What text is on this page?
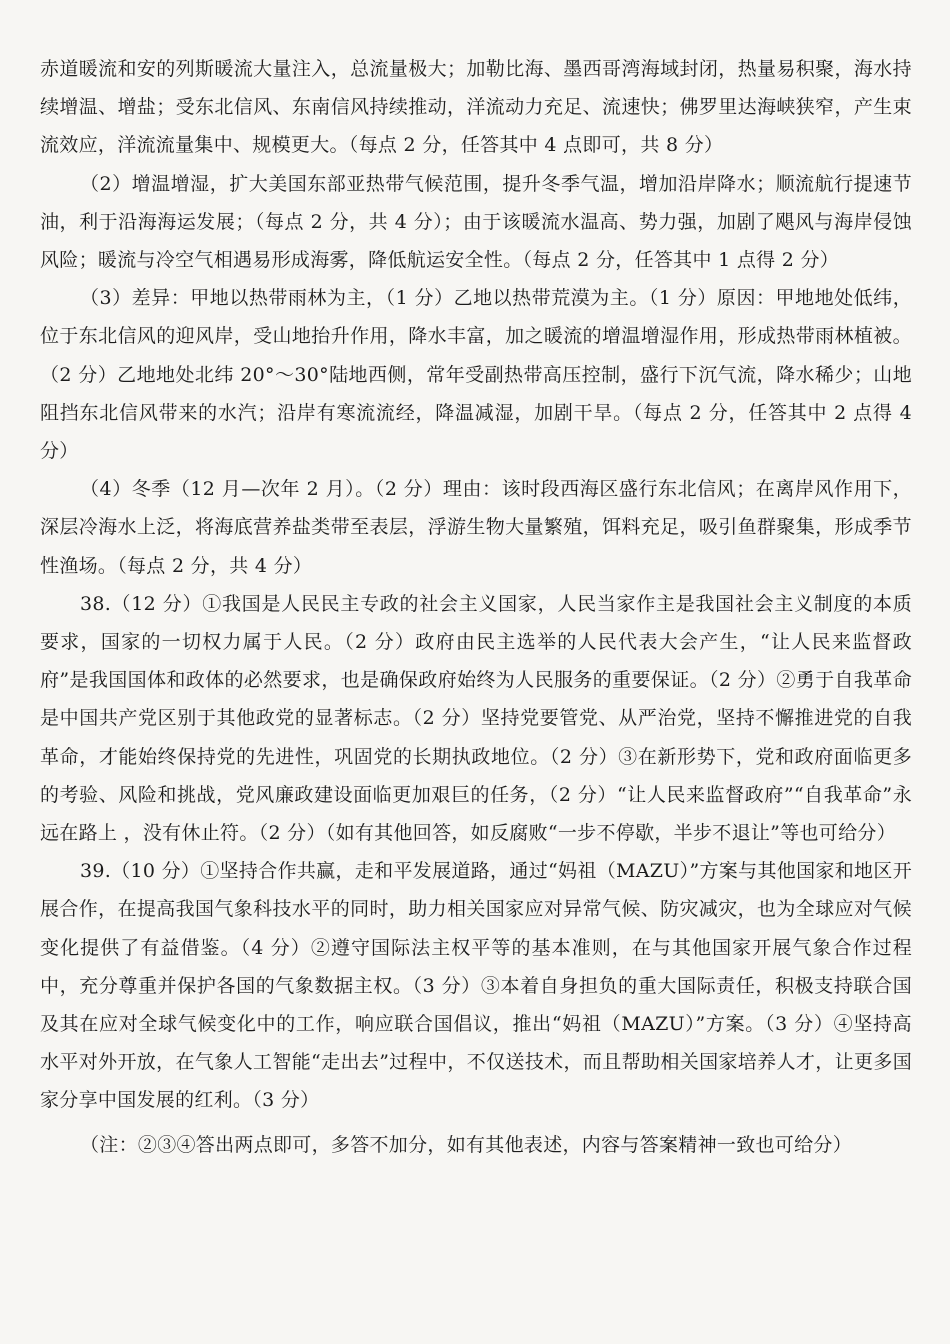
赤道暖流和安的列斯暖流大量注入，总流量极大；加勒比海、墨西哥湾海域封闭，热量易积聚，海水持续增温、增盐；受东北信风、东南信风持续推动，洋流动力充足、流速快；佛罗里达海峡狭窄，产生束流效应，洋流流量集中、规模更大。（每点 2 分，任答其中 4 点即可，共 8 分）

（2）增温增湿，扩大美国东部亚热带气候范围，提升冬季气温，增加沿岸降水；顺流航行提速节油，利于沿海海运发展；（每点 2 分，共 4 分）；由于该暖流水温高、势力强，加剧了飓风与海岸侵蚀风险；暖流与冷空气相遇易形成海雾，降低航运安全性。（每点 2 分，任答其中 1 点得 2 分）

（3）差异：甲地以热带雨林为主，（1 分）乙地以热带荒漠为主。（1 分）原因：甲地地处低纬，位于东北信风的迎风岸，受山地抬升作用，降水丰富，加之暖流的增温增湿作用，形成热带雨林植被。（2 分）乙地地处北纬 20°～30°陆地西侧，常年受副热带高压控制，盛行下沉气流，降水稀少；山地阻挡东北信风带来的水汽；沿岸有寒流流经，降温减湿，加剧干旱。（每点 2 分，任答其中 2 点得 4 分）

（4）冬季（12 月—次年 2 月）。（2 分）理由：该时段西海区盛行东北信风；在离岸风作用下，深层冷海水上泛，将海底营养盐类带至表层，浮游生物大量繁殖，饵料充足，吸引鱼群聚集，形成季节性渔场。（每点 2 分，共 4 分）

38.（12 分）①我国是人民民主专政的社会主义国家，人民当家作主是我国社会主义制度的本质要求，国家的一切权力属于人民。（2 分）政府由民主选举的人民代表大会产生，“让人民来监督政府”是我国国体和政体的必然要求，也是确保政府始终为人民服务的重要保证。（2 分）②勇于自我革命是中国共产党区别于其他政党的显著标志。（2 分）坚持党要管党、从严治党，坚持不懈推进党的自我革命，才能始终保持党的先进性，巩固党的长期执政地位。（2 分）③在新形势下，党和政府面临更多的考验、风险和挑战，党风廉政建设面临更加艰巨的任务，（2 分）“让人民来监督政府”“自我革命”永远在路上 ，没有休止符。（2 分）（如有其他回答，如反腐败“一步不停歇，半步不退让”等也可给分）

39.（10 分）①坚持合作共赢，走和平发展道路，通过“妈祖（MAZU）”方案与其他国家和地区开展合作，在提高我国气象科技水平的同时，助力相关国家应对异常气候、防灾减灾，也为全球应对气候变化提供了有益借鉴。（4 分）②遵守国际法主权平等的基本准则，在与其他国家开展气象合作过程中，充分尊重并保护各国的气象数据主权。（3 分）③本着自身担负的重大国际责任，积极支持联合国及其在应对全球气候变化中的工作，响应联合国倡议，推出“妈祖（MAZU）”方案。（3 分）④坚持高水平对外开放，在气象人工智能“走出去”过程中，不仅送技术，而且帮助相关国家培养人才，让更多国家分享中国发展的红利。（3 分）

（注：②③④答出两点即可，多答不加分，如有其他表述，内容与答案精神一致也可给分）
